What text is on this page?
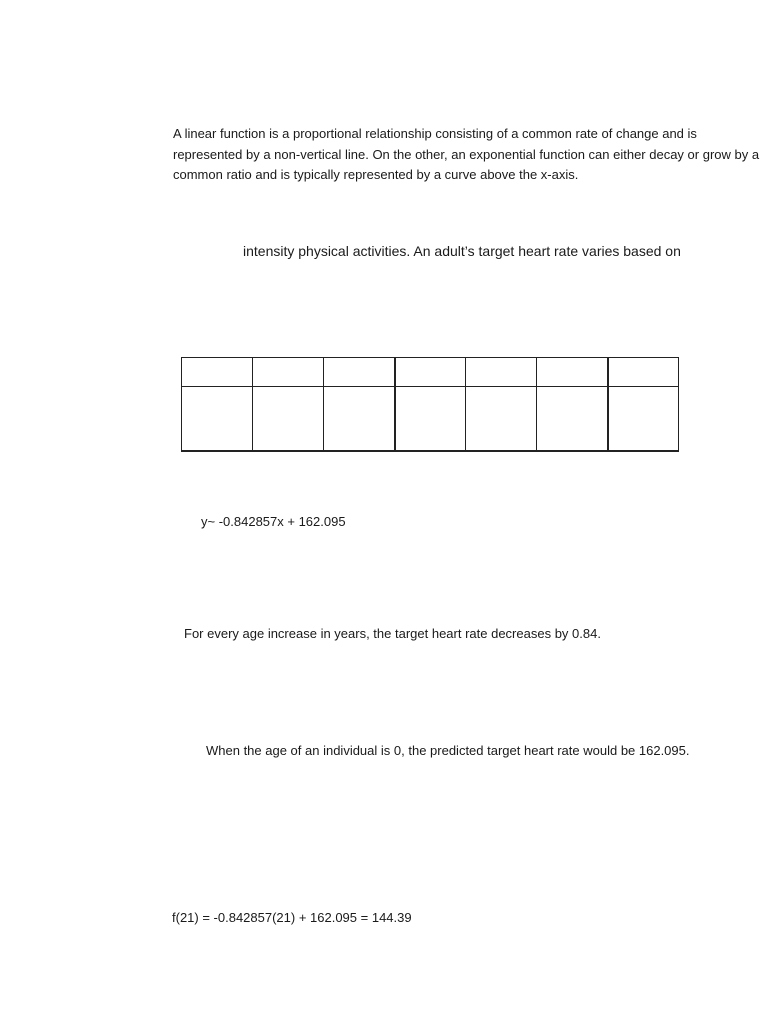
A linear function is a proportional relationship consisting of a common rate of change and is represented by a non-vertical line. On the other, an exponential function can either decay or grow by a common ratio and is typically represented by a curve above the x-axis.

intensity physical activities. An adult’s target heart rate varies based on

y~ -0.842857x + 162.095

For every age increase in years, the target heart rate decreases by 0.84.

When the age of an individual is 0, the predicted target heart rate would be 162.095.

f(21) = -0.842857(21) + 162.095 = 144.39
